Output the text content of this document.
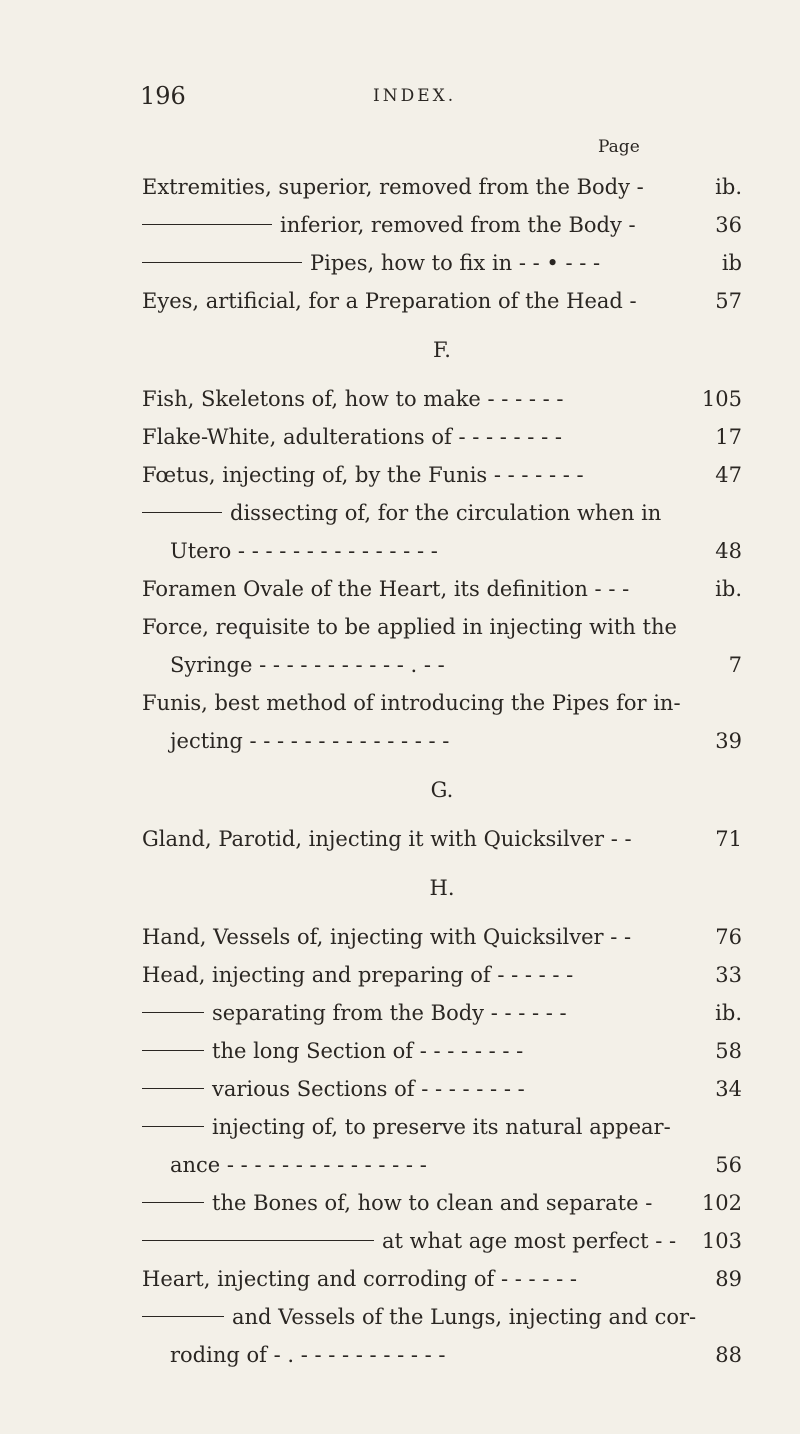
196	INDEX.
Page
Extremities, superior, removed from the Body -	ib.
inferior, removed from the Body -	36
Pipes, how to fix in - - • - - -	ib
Eyes, artificial, for a Preparation of the Head -	57
F.
Fish, Skeletons of, how to make - - - - - -	105
Flake-White, adulterations of - - - - - - - -	17
Fœtus, injecting of, by the Funis - - - - - - -	47
dissecting of, for the circulation when in
Utero - - - - - - - - - - - - - - -	48
Foramen Ovale of the Heart, its definition - - -	ib.
Force, requisite to be applied in injecting with the
Syringe - - - - - - - - - - - . - -	7
Funis, best method of introducing the Pipes for in-
jecting - - - - - - - - - - - - - - -	39
G.
Gland, Parotid, injecting it with Quicksilver - -	71
H.
Hand, Vessels of, injecting with Quicksilver - -	76
Head, injecting and preparing of - - - - - -	33
separating from the Body - - - - - -	ib.
the long Section of - - - - - - - -	58
various Sections of - - - - - - - -	34
injecting of, to preserve its natural appear-
ance - - - - - - - - - - - - - - -	56
the Bones of, how to clean and separate - 102
at what age most perfect - - 103
Heart, injecting and corroding of - - - - - -	89
and Vessels of the Lungs, injecting and cor-
roding of - . - - - - - - - - - - -	88
